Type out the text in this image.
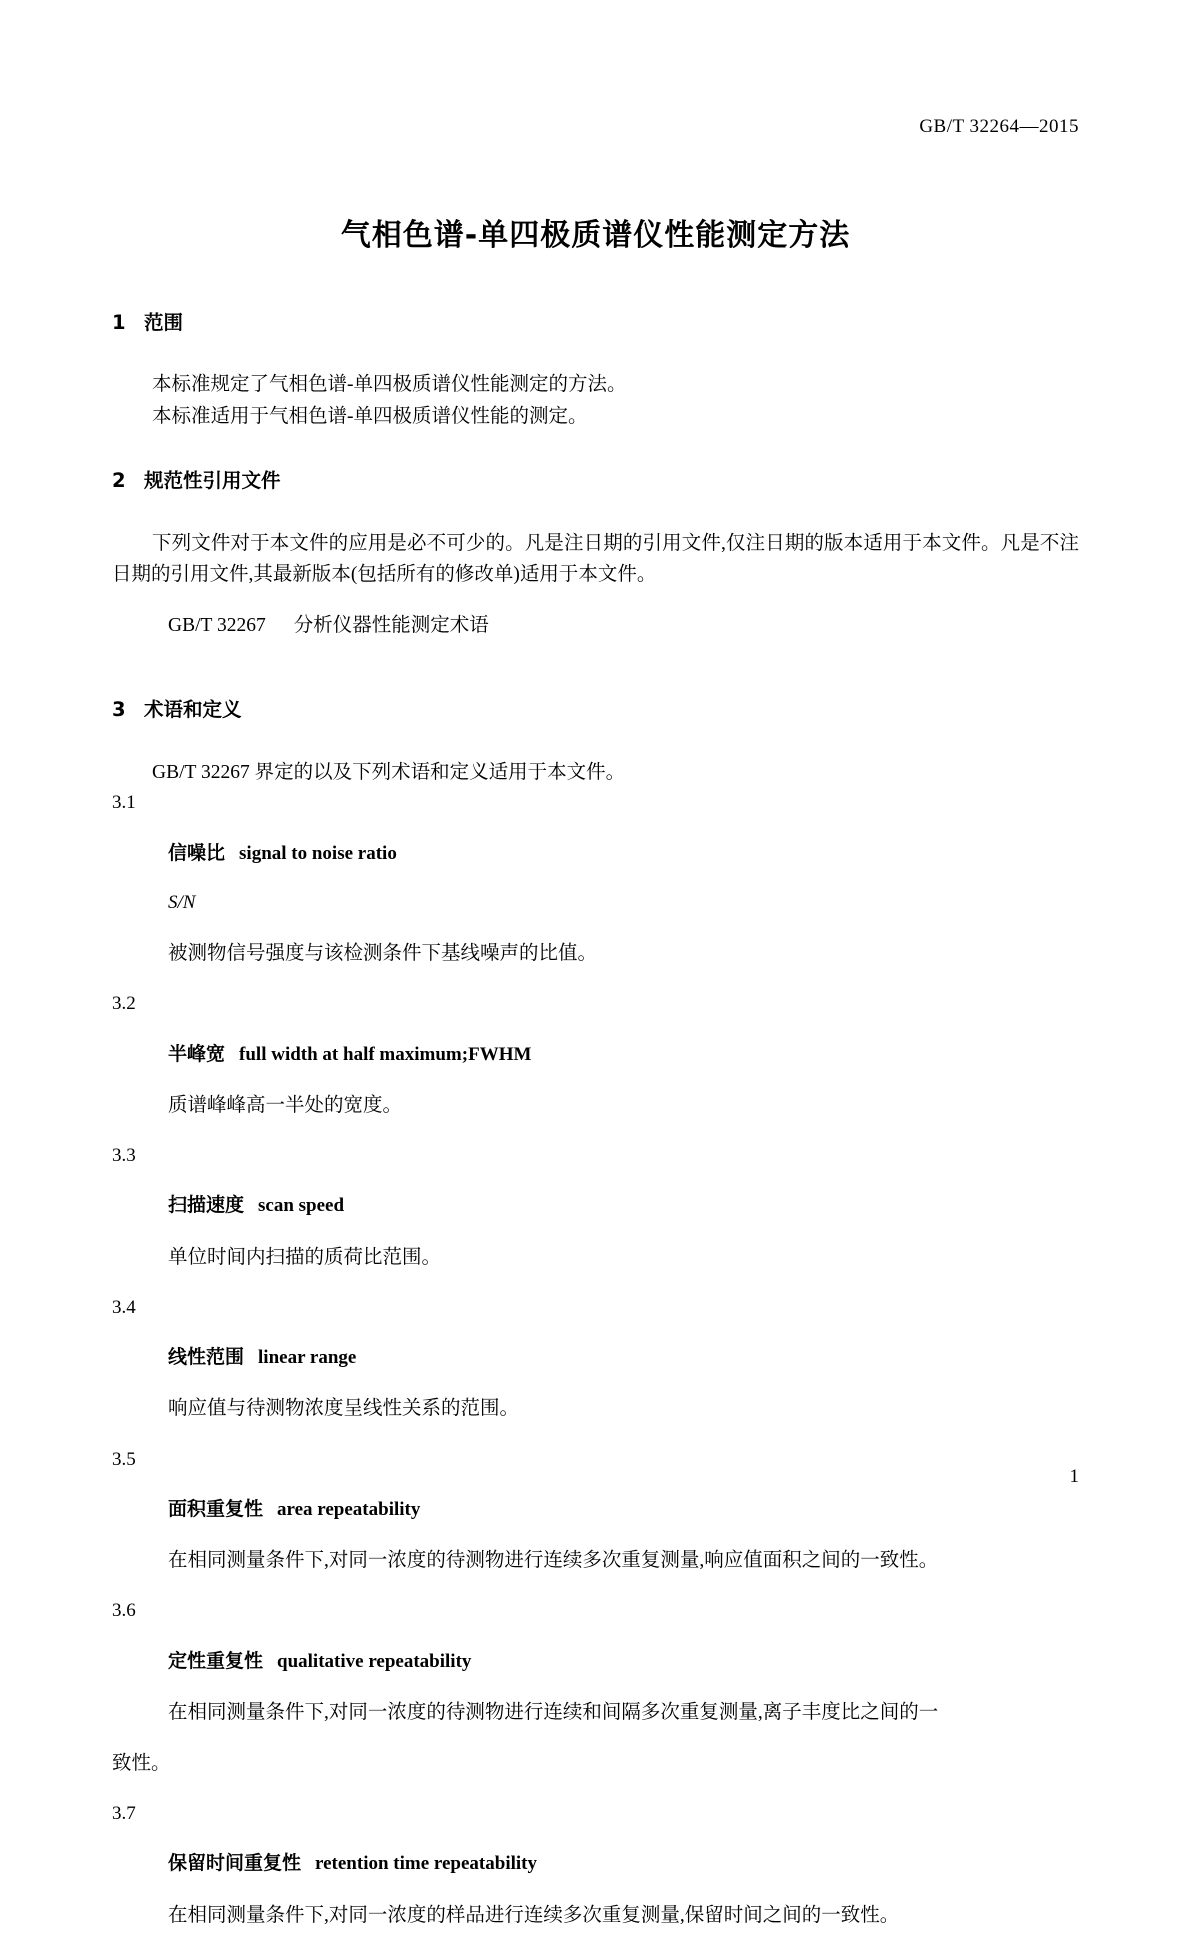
GB/T 32264—2015
气相色谱-单四极质谱仪性能测定方法
1 范围

本标准规定了气相色谱-单四极质谱仪性能测定的方法。

本标准适用于气相色谱-单四极质谱仪性能的测定。

2 规范性引用文件

下列文件对于本文件的应用是必不可少的。凡是注日期的引用文件,仅注日期的版本适用于本文件。凡是不注日期的引用文件,其最新版本(包括所有的修改单)适用于本文件。

GB/T 32267 分析仪器性能测定术语

3 术语和定义

GB/T 32267 界定的以及下列术语和定义适用于本文件。

3.1

信噪比 signal to noise ratio

S/N

被测物信号强度与该检测条件下基线噪声的比值。

3.2

半峰宽 full width at half maximum;FWHM

质谱峰峰高一半处的宽度。

3.3

扫描速度 scan speed

单位时间内扫描的质荷比范围。

3.4

线性范围 linear range

响应值与待测物浓度呈线性关系的范围。

3.5

面积重复性 area repeatability

在相同测量条件下,对同一浓度的待测物进行连续多次重复测量,响应值面积之间的一致性。

3.6

定性重复性 qualitative repeatability

在相同测量条件下,对同一浓度的待测物进行连续和间隔多次重复测量,离子丰度比之间的一

致性。

3.7

保留时间重复性 retention time repeatability

在相同测量条件下,对同一浓度的样品进行连续多次重复测量,保留时间之间的一致性。

1
